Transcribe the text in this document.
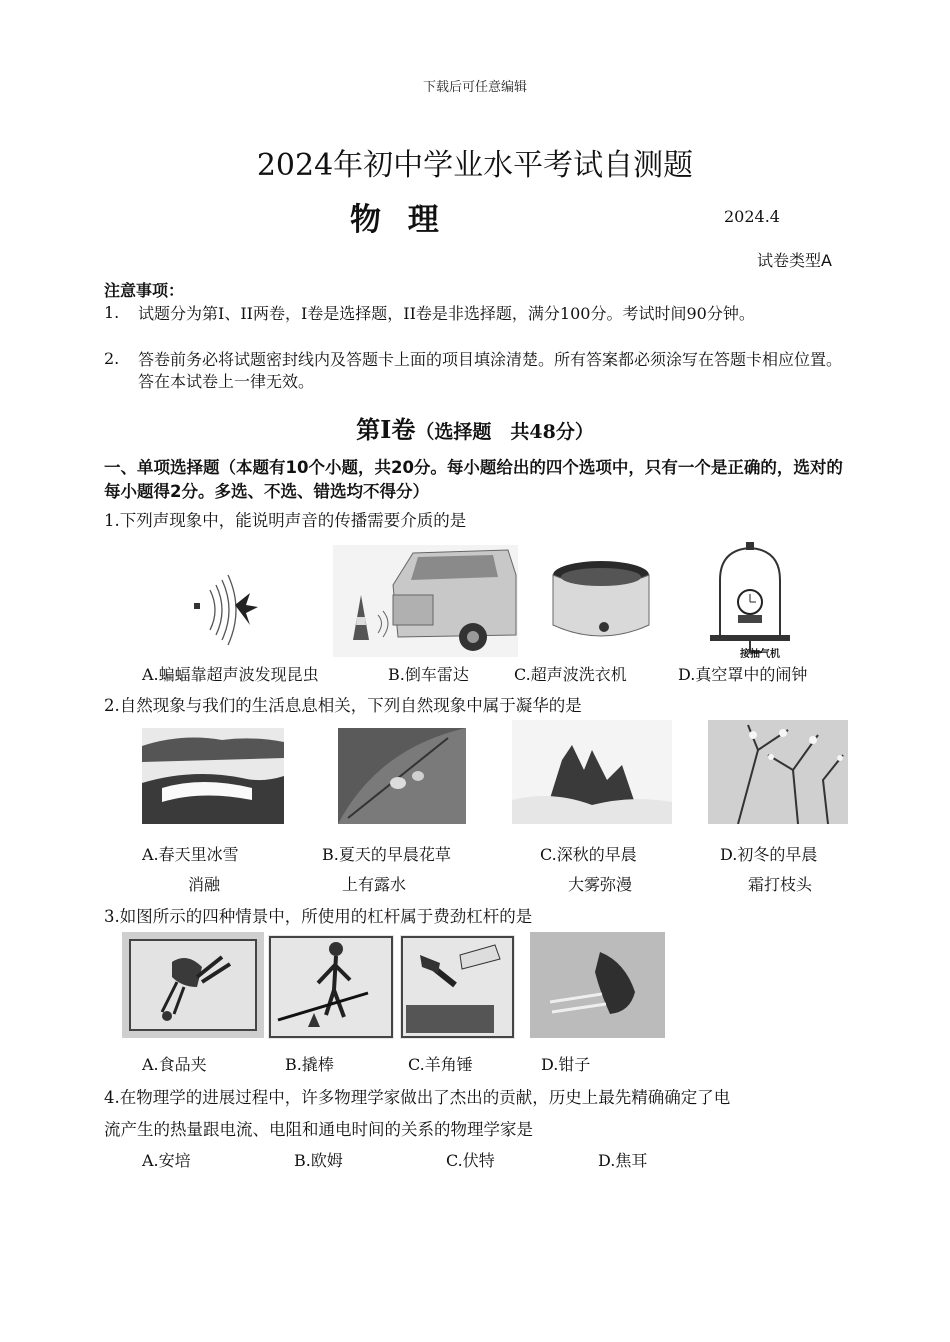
下载后可任意编辑
2024年初中学业水平考试自测题
物 理	2024.4
试卷类型A
注意事项：
1. 试题分为第I、II两卷，I卷是选择题，II卷是非选择题，满分100分。考试时间90分钟。
2. 答卷前务必将试题密封线内及答题卡上面的项目填涂清楚。所有答案都必须涂写在答题卡相应位置。答在本试卷上一律无效。
第I卷（选择题　共48分）
一、单项选择题（本题有10个小题，共20分。每小题给出的四个选项中，只有一个是正确的，选对的每小题得2分。多选、不选、错选均不得分）
1.下列声现象中，能说明声音的传播需要介质的是
接抽气机
A.蝙蝠靠超声波发现昆虫	B.倒车雷达	C.超声波洗衣机	D.真空罩中的闹钟
2.自然现象与我们的生活息息相关，下列自然现象中属于凝华的是
A.春天里冰雪
消融
B.夏天的早晨花草
上有露水
C.深秋的早晨
大雾弥漫
D.初冬的早晨
霜打枝头
3.如图所示的四种情景中，所使用的杠杆属于费劲杠杆的是
A.食品夹	B.撬棒	C.羊角锤	D.钳子
4.在物理学的进展过程中，许多物理学家做出了杰出的贡献，历史上最先精确确定了电
流产生的热量跟电流、电阻和通电时间的关系的物理学家是
A.安培	B.欧姆	C.伏特	D.焦耳
